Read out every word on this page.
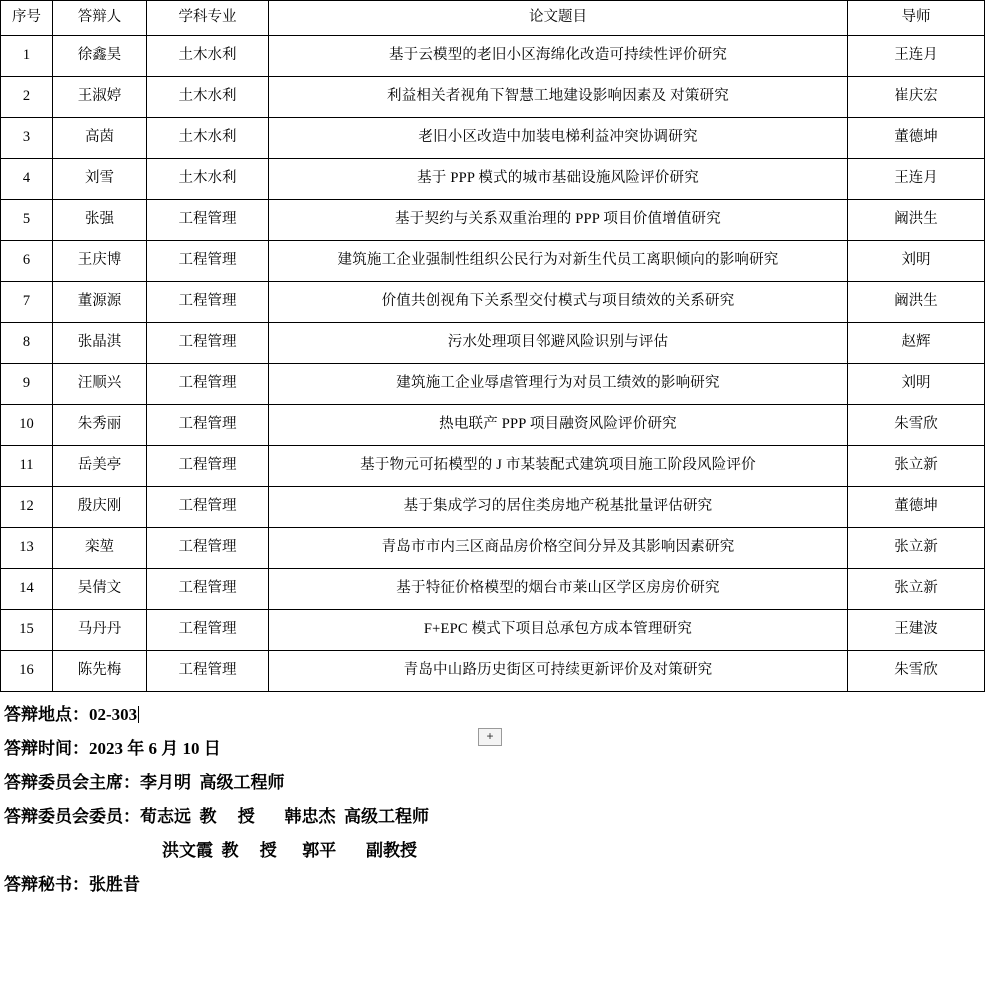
序号	答辩人	学科专业	论文题目	导师
1	徐鑫昊	土木水利	基于云模型的老旧小区海绵化改造可持续性评价研究	王连月
2	王淑婷	土木水利	利益相关者视角下智慧工地建设影响因素及 对策研究	崔庆宏
3	高茵	土木水利	老旧小区改造中加装电梯利益冲突协调研究	董德坤
4	刘雪	土木水利	基于 PPP 模式的城市基础设施风险评价研究	王连月
5	张强	工程管理	基于契约与关系双重治理的 PPP 项目价值增值研究	阚洪生
6	王庆博	工程管理	建筑施工企业强制性组织公民行为对新生代员工离职倾向的影响研究	刘明
7	董源源	工程管理	价值共创视角下关系型交付模式与项目绩效的关系研究	阚洪生
8	张晶淇	工程管理	污水处理项目邻避风险识别与评估	赵辉
9	汪顺兴	工程管理	建筑施工企业辱虐管理行为对员工绩效的影响研究	刘明
10	朱秀丽	工程管理	热电联产 PPP 项目融资风险评价研究	朱雪欣
11	岳美亭	工程管理	基于物元可拓模型的 J 市某装配式建筑项目施工阶段风险评价	张立新
12	殷庆刚	工程管理	基于集成学习的居住类房地产税基批量评估研究	董德坤
13	栾堃	工程管理	青岛市市内三区商品房价格空间分异及其影响因素研究	张立新
14	吴倩文	工程管理	基于特征价格模型的烟台市莱山区学区房房价研究	张立新
15	马丹丹	工程管理	F+EPC 模式下项目总承包方成本管理研究	王建波
16	陈先梅	工程管理	青岛中山路历史街区可持续更新评价及对策研究	朱雪欣
+
答辩地点：02-303
答辩时间：2023 年 6 月 10 日
答辩委员会主席：李月明  高级工程师
答辩委员会委员：荀志远  教　 授　   韩忠杰  高级工程师
洪文霞  教　 授　  郭平　   副教授
答辩秘书：张胜昔
